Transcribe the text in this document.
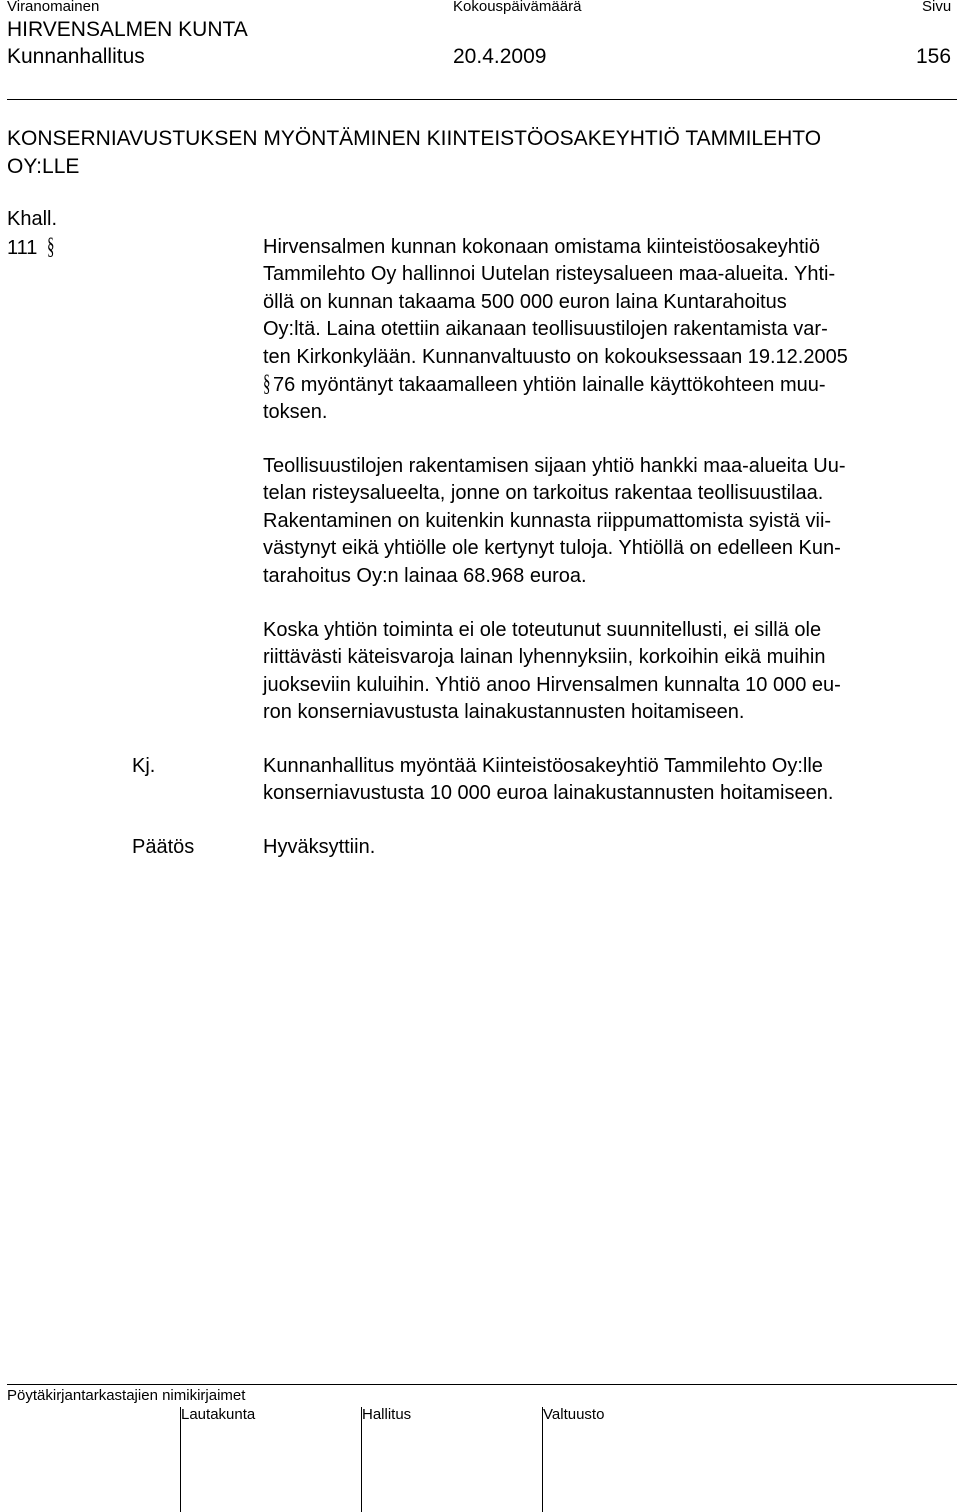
Viranomainen	Kokouspäivämäärä	Sivu
HIRVENSALMEN KUNTA
Kunnanhallitus	20.4.2009	156
KONSERNIAVUSTUKSEN MYÖNTÄMINEN KIINTEISTÖOSAKEYHTIÖ TAMMILEHTO
OY:LLE
Khall.
111 §	Hirvensalmen kunnan kokonaan omistama kiinteistöosakeyhtiö
Tammilehto Oy hallinnoi Uutelan risteysalueen maa-alueita. Yhti-
öllä on kunnan takaama 500 000 euron laina Kuntarahoitus
Oy:ltä. Laina otettiin aikanaan teollisuustilojen rakentamista var-
ten Kirkonkylään. Kunnanvaltuusto on kokouksessaan 19.12.2005
§ 76 myöntänyt takaamalleen yhtiön lainalle käyttökohteen muu-
toksen.
Teollisuustilojen rakentamisen sijaan yhtiö hankki maa-alueita Uu-
telan risteysalueelta, jonne on tarkoitus rakentaa teollisuustilaa.
Rakentaminen on kuitenkin kunnasta riippumattomista syistä vii-
västynyt eikä yhtiölle ole kertynyt tuloja. Yhtiöllä on edelleen Kun-
tarahoitus Oy:n lainaa 68.968 euroa.
Koska yhtiön toiminta ei ole toteutunut suunnitellusti, ei sillä ole
riittävästi käteisvaroja lainan lyhennyksiin, korkoihin eikä muihin
juokseviin kuluihin. Yhtiö anoo Hirvensalmen kunnalta 10 000 eu-
ron konserniavustusta lainakustannusten hoitamiseen.
Kj.	Kunnanhallitus myöntää Kiinteistöosakeyhtiö Tammilehto Oy:lle
konserniavustusta 10 000 euroa lainakustannusten hoitamiseen.
Päätös	Hyväksyttiin.
Pöytäkirjantarkastajien nimikirjaimet
Lautakunta	Hallitus	Valtuusto
